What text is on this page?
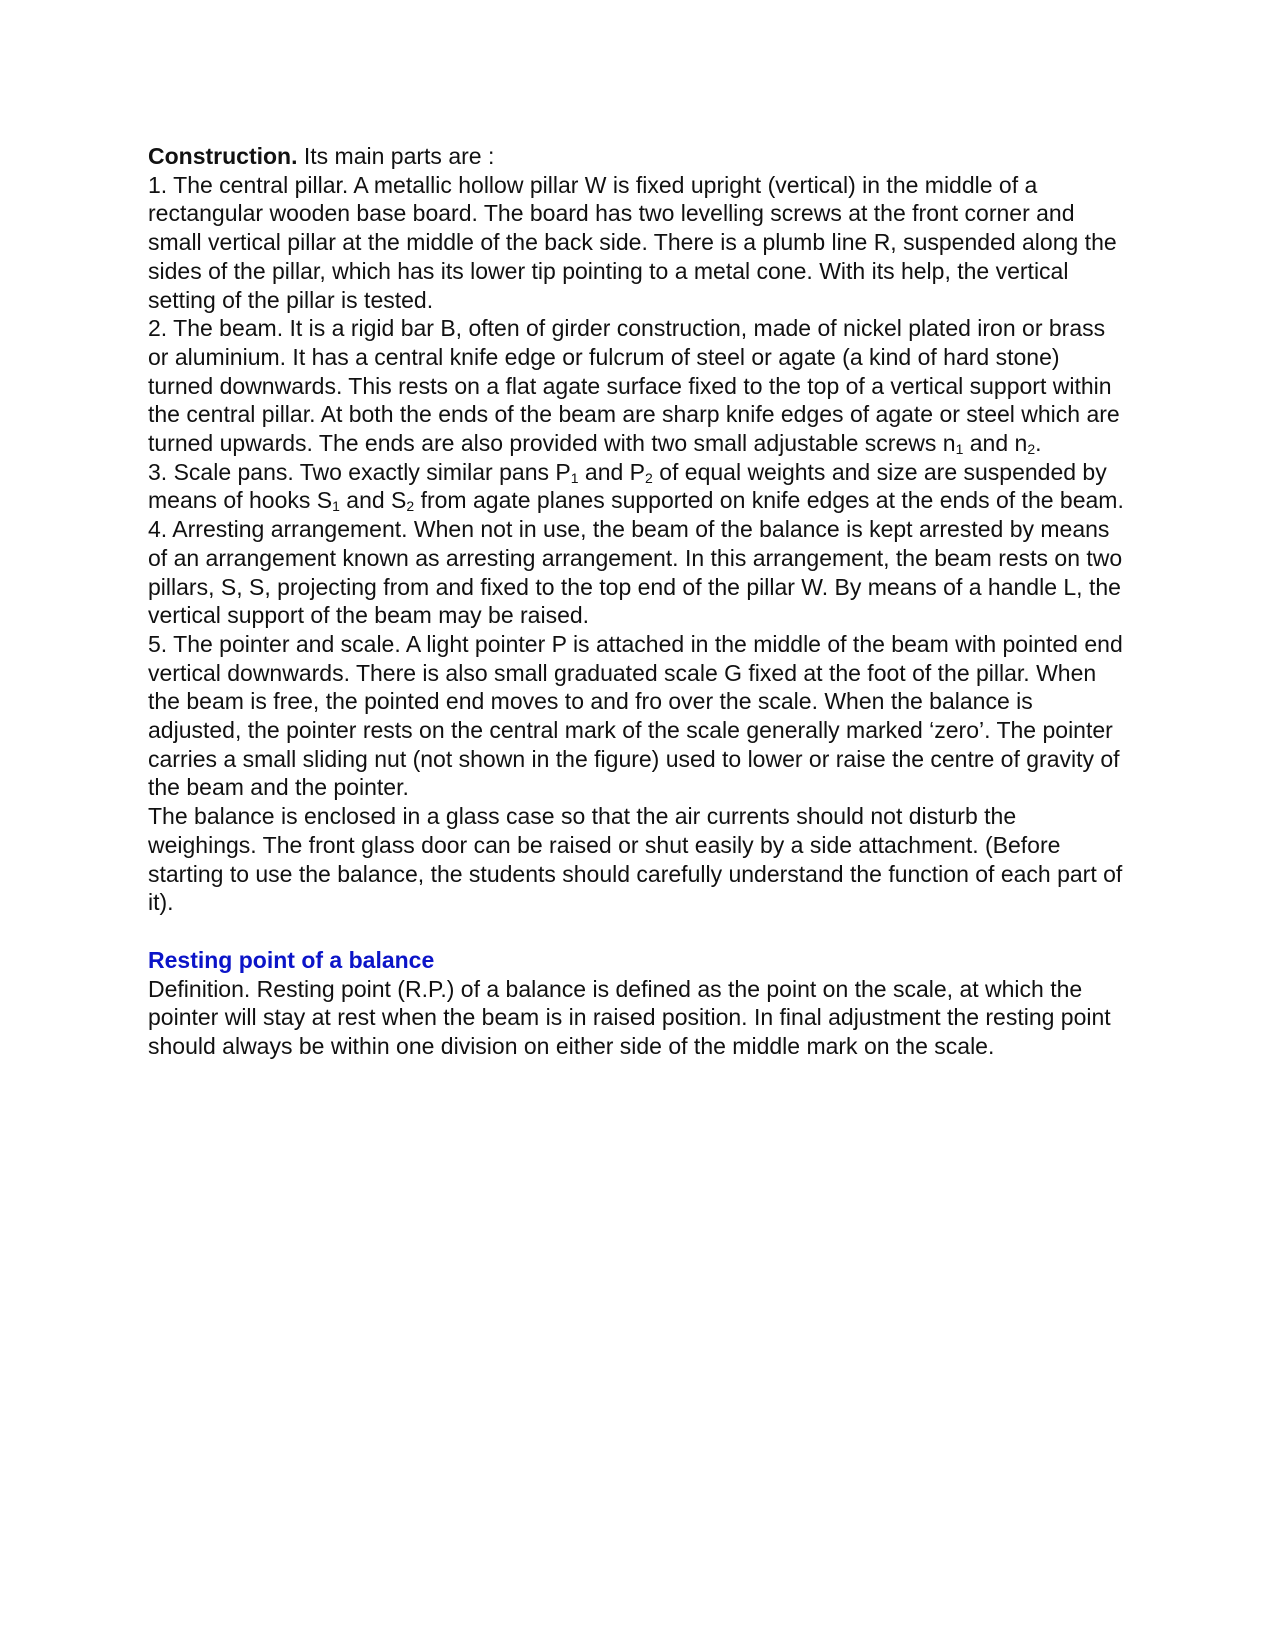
Construction. Its main parts are :

1. The central pillar. A metallic hollow pillar W is fixed upright (vertical) in the middle of a rectangular wooden base board. The board has two levelling screws at the front corner and small vertical pillar at the middle of the back side. There is a plumb line R, suspended along the sides of the pillar, which has its lower tip pointing to a metal cone. With its help, the vertical setting of the pillar is tested.

2. The beam. It is a rigid bar B, often of girder construction, made of nickel plated iron or brass or aluminium. It has a central knife edge or fulcrum of steel or agate (a kind of hard stone) turned downwards. This rests on a flat agate surface fixed to the top of a vertical support within the central pillar. At both the ends of the beam are sharp knife edges of agate or steel which are turned upwards. The ends are also provided with two small adjustable screws $n_1$ and $n_2$.

3. Scale pans. Two exactly similar pans $P_1$ and $P_2$ of equal weights and size are suspended by means of hooks $S_1$ and $S_2$ from agate planes supported on knife edges at the ends of the beam.

4. Arresting arrangement. When not in use, the beam of the balance is kept arrested by means of an arrangement known as arresting arrangement. In this arrangement, the beam rests on two pillars, S, S, projecting from and fixed to the top end of the pillar W. By means of a handle L, the vertical support of the beam may be raised.

5. The pointer and scale. A light pointer P is attached in the middle of the beam with pointed end vertical downwards. There is also small graduated scale G fixed at the foot of the pillar. When the beam is free, the pointed end moves to and fro over the scale. When the balance is adjusted, the pointer rests on the central mark of the scale generally marked ‘zero’. The pointer carries a small sliding nut (not shown in the figure) used to lower or raise the centre of gravity of the beam and the pointer.

The balance is enclosed in a glass case so that the air currents should not disturb the weighings. The front glass door can be raised or shut easily by a side attachment. (Before starting to use the balance, the students should carefully understand the function of each part of it).

Resting point of a balance

Definition. Resting point (R.P.) of a balance is defined as the point on the scale, at which the pointer will stay at rest when the beam is in raised position. In final adjustment the resting point should always be within one division on either side of the middle mark on the scale.
